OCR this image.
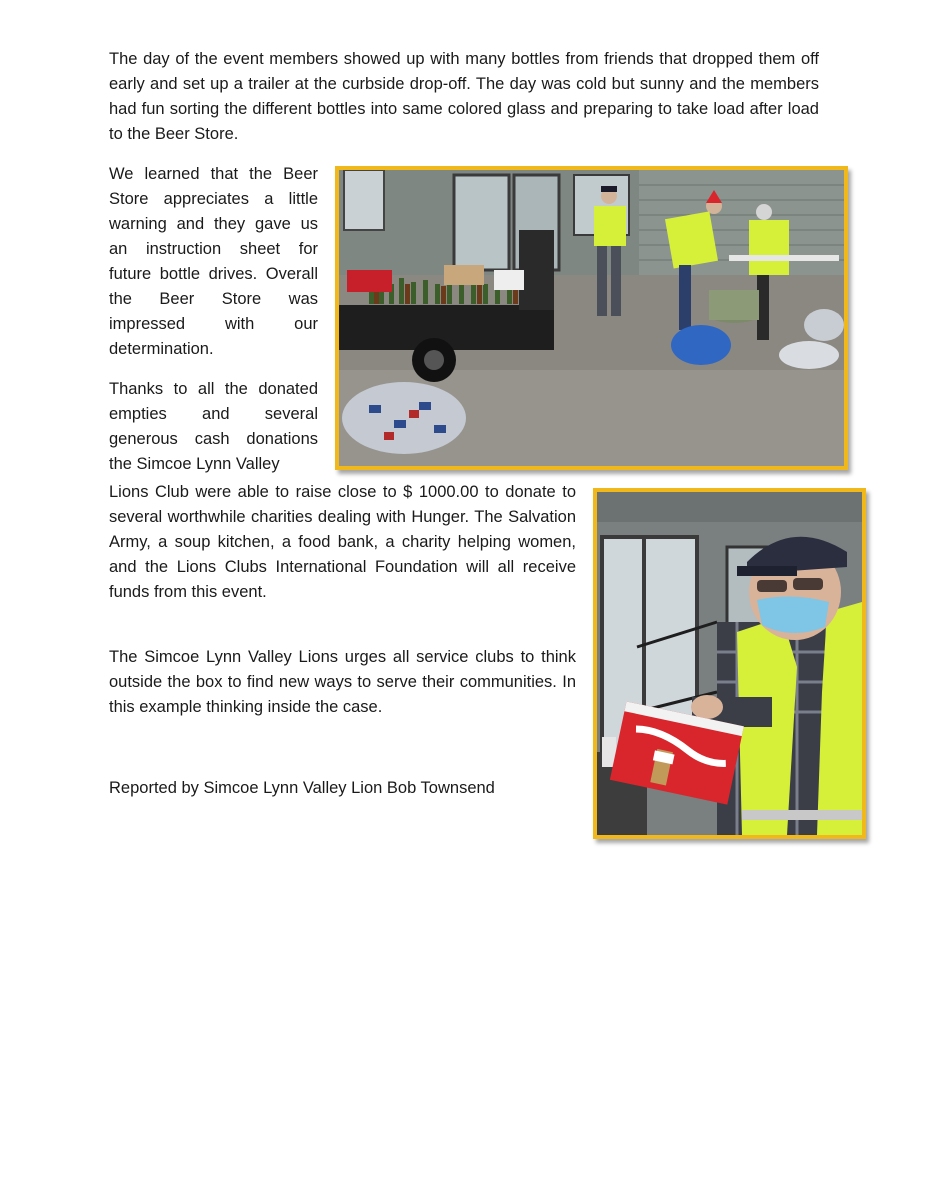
The day of the event members showed up with many bottles from friends that dropped them off early and set up a trailer at the curbside drop-off. The day was cold but sunny and the members had fun sorting the different bottles into same colored glass and preparing to take load after load to the Beer Store.

We learned that the Beer Store appreciates a little warning and they gave us an instruction sheet for future bottle drives. Overall the Beer Store was impressed with our determination.

Thanks to all the donated empties and several generous cash donations the Simcoe Lynn Valley

Lions Club were able to raise close to $ 1000.00 to donate to several worthwhile charities dealing with Hunger. The Salvation Army, a soup kitchen, a food bank, a charity helping women, and the Lions Clubs International Foundation will all receive funds from this event.

The Simcoe Lynn Valley Lions urges all service clubs to think outside the box to find new ways to serve their communities. In this example thinking inside the case.

Reported by Simcoe Lynn Valley Lion Bob Townsend
